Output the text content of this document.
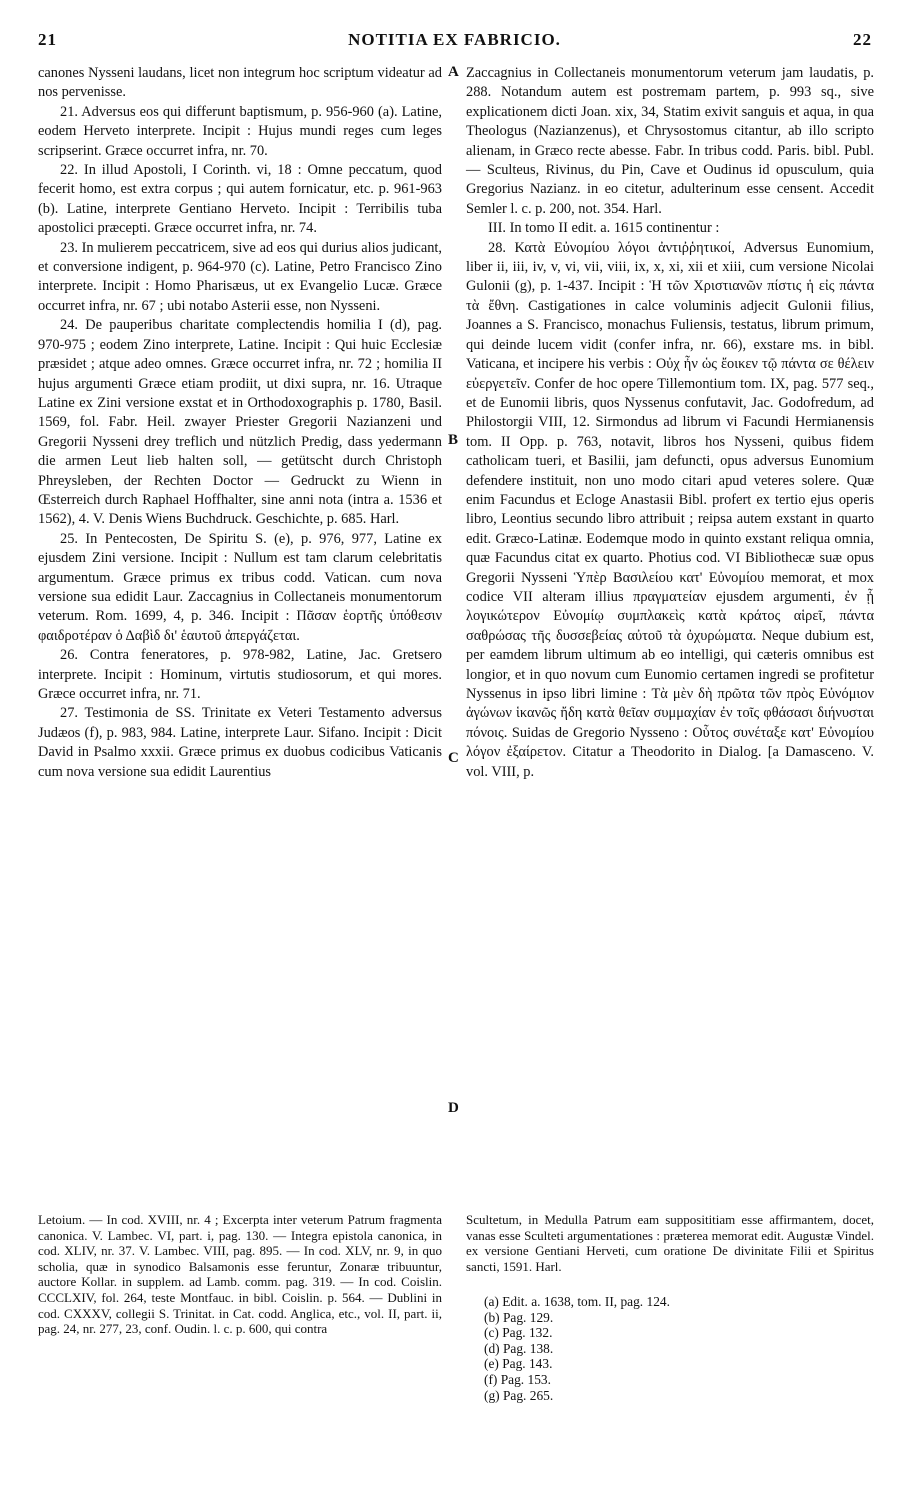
21	NOTITIA EX FABRICIO.	22
A
B
C
D

canones Nysseni laudans, licet non integrum hoc scriptum videatur ad nos pervenisse.

21. Adversus eos qui differunt baptismum, p. 956-960 (a). Latine, eodem Herveto interprete. Incipit : Hujus mundi reges cum leges scripserint. Græce occurret infra, nr. 70.

22. In illud Apostoli, I Corinth. vi, 18 : Omne peccatum, quod fecerit homo, est extra corpus ; qui autem fornicatur, etc. p. 961-963 (b). Latine, interprete Gentiano Herveto. Incipit : Terribilis tuba apostolici præcepti. Græce occurret infra, nr. 74.

23. In mulierem peccatricem, sive ad eos qui durius alios judicant, et conversione indigent, p. 964-970 (c). Latine, Petro Francisco Zino interprete. Incipit : Homo Pharisæus, ut ex Evangelio Lucæ. Græce occurret infra, nr. 67 ; ubi notabo Asterii esse, non Nysseni.

24. De pauperibus charitate complectendis homilia I (d), pag. 970-975 ; eodem Zino interprete, Latine. Incipit : Qui huic Ecclesiæ præsidet ; atque adeo omnes. Græce occurret infra, nr. 72 ; homilia II hujus argumenti Græce etiam prodiit, ut dixi supra, nr. 16. Utraque Latine ex Zini versione exstat et in Orthodoxographis p. 1780, Basil. 1569, fol. Fabr. Heil. zwayer Priester Gregorii Nazianzeni und Gregorii Nysseni drey treflich und nützlich Predig, dass yedermann die armen Leut lieb halten soll, — getütscht durch Christoph Phreysleben, der Rechten Doctor — Gedruckt zu Wienn in Œsterreich durch Raphael Hoffhalter, sine anni nota (intra a. 1536 et 1562), 4. V. Denis Wiens Buchdruck. Geschichte, p. 685. Harl.

25. In Pentecosten, De Spiritu S. (e), p. 976, 977, Latine ex ejusdem Zini versione. Incipit : Nullum est tam clarum celebritatis argumentum. Græce primus ex tribus codd. Vatican. cum nova versione sua edidit Laur. Zaccagnius in Collectaneis monumentorum veterum. Rom. 1699, 4, p. 346. Incipit : Πᾶσαν ἑορτῆς ὑπόθεσιν φαιδροτέραν ὁ Δαβὶδ δι' ἑαυτοῦ ἀπεργάζεται.

26. Contra feneratores, p. 978-982, Latine, Jac. Gretsero interprete. Incipit : Hominum, virtutis studiosorum, et qui mores. Græce occurret infra, nr. 71.

27. Testimonia de SS. Trinitate ex Veteri Testamento adversus Judæos (f), p. 983, 984. Latine, interprete Laur. Sifano. Incipit : Dicit David in Psalmo xxxii. Græce primus ex duobus codicibus Vaticanis cum nova versione sua edidit Laurentius

Zaccagnius in Collectaneis monumentorum veterum jam laudatis, p. 288. Notandum autem est postremam partem, p. 993 sq., sive explicationem dicti Joan. xix, 34, Statim exivit sanguis et aqua, in qua Theologus (Nazianzenus), et Chrysostomus citantur, ab illo scripto alienam, in Græco recte abesse. Fabr. In tribus codd. Paris. bibl. Publ. — Sculteus, Rivinus, du Pin, Cave et Oudinus id opusculum, quia Gregorius Nazianz. in eo citetur, adulterinum esse censent. Accedit Semler l. c. p. 200, not. 354. Harl.

III. In tomo II edit. a. 1615 continentur :

28. Κατὰ Εὐνομίου λόγοι ἀντιῤῥητικοί, Adversus Eunomium, liber ii, iii, iv, v, vi, vii, viii, ix, x, xi, xii et xiii, cum versione Nicolai Gulonii (g), p. 1-437. Incipit : Ἡ τῶν Χριστιανῶν πίστις ἡ εἰς πάντα τὰ ἔθνη. Castigationes in calce voluminis adjecit Gulonii filius, Joannes a S. Francisco, monachus Fuliensis, testatus, librum primum, qui deinde lucem vidit (confer infra, nr. 66), exstare ms. in bibl. Vaticana, et incipere his verbis : Οὐχ ἦν ὡς ἔοικεν τῷ πάντα σε θέλειν εὐεργετεῖν. Confer de hoc opere Tillemontium tom. IX, pag. 577 seq., et de Eunomii libris, quos Nyssenus confutavit, Jac. Godofredum, ad Philostorgii VIII, 12. Sirmondus ad librum vi Facundi Hermianensis tom. II Opp. p. 763, notavit, libros hos Nysseni, quibus fidem catholicam tueri, et Basilii, jam defuncti, opus adversus Eunomium defendere instituit, non uno modo citari apud veteres solere. Quæ enim Facundus et Ecloge Anastasii Bibl. profert ex tertio ejus operis libro, Leontius secundo libro attribuit ; reipsa autem exstant in quarto edit. Græco-Latinæ. Eodemque modo in quinto exstant reliqua omnia, quæ Facundus citat ex quarto. Photius cod. VI Bibliothecæ suæ opus Gregorii Nysseni Ὑπὲρ Βασιλείου κατ' Εὐνομίου memorat, et mox codice VII alteram illius πραγματείαν ejusdem argumenti, ἐν ᾗ λογικώτερον Εὐνομίῳ συμπλακεὶς κατὰ κράτος αἱρεῖ, πάντα σαθρώσας τῆς δυσσεβείας αὐτοῦ τὰ ὀχυρώματα. Neque dubium est, per eamdem librum ultimum ab eo intelligi, qui cæteris omnibus est longior, et in quo novum cum Eunomio certamen ingredi se profitetur Nyssenus in ipso libri limine : Τὰ μὲν δὴ πρῶτα τῶν πρὸς Εὐνόμιον ἀγώνων ἱκανῶς ἤδη κατὰ θεῖαν συμμαχίαν ἐν τοῖς φθάσασι διήνυσται πόνοις. Suidas de Gregorio Nysseno : Οὗτος συνέταξε κατ' Εὐνομίου λόγον ἐξαίρετον. Citatur a Theodorito in Dialog. [a Damasceno. V. vol. VIII, p.

Letoium. — In cod. XVIII, nr. 4 ; Excerpta inter veterum Patrum fragmenta canonica. V. Lambec. VI, part. i, pag. 130. — Integra epistola canonica, in cod. XLIV, nr. 37. V. Lambec. VIII, pag. 895. — In cod. XLV, nr. 9, in quo scholia, quæ in synodico Balsamonis esse feruntur, Zonaræ tribuuntur, auctore Kollar. in supplem. ad Lamb. comm. pag. 319. — In cod. Coislin. CCCLXIV, fol. 264, teste Montfauc. in bibl. Coislin. p. 564. — Dublini in cod. CXXXV, collegii S. Trinitat. in Cat. codd. Anglica, etc., vol. II, part. ii, pag. 24, nr. 277, 23, conf. Oudin. l. c. p. 600, qui contra

Scultetum, in Medulla Patrum eam supposititiam esse affirmantem, docet, vanas esse Sculteti argumentationes : præterea memorat edit. Augustæ Vindel. ex versione Gentiani Herveti, cum oratione De divinitate Filii et Spiritus sancti, 1591. Harl.

(a) Edit. a. 1638, tom. II, pag. 124.
(b) Pag. 129.
(c) Pag. 132.
(d) Pag. 138.
(e) Pag. 143.
(f) Pag. 153.
(g) Pag. 265.
